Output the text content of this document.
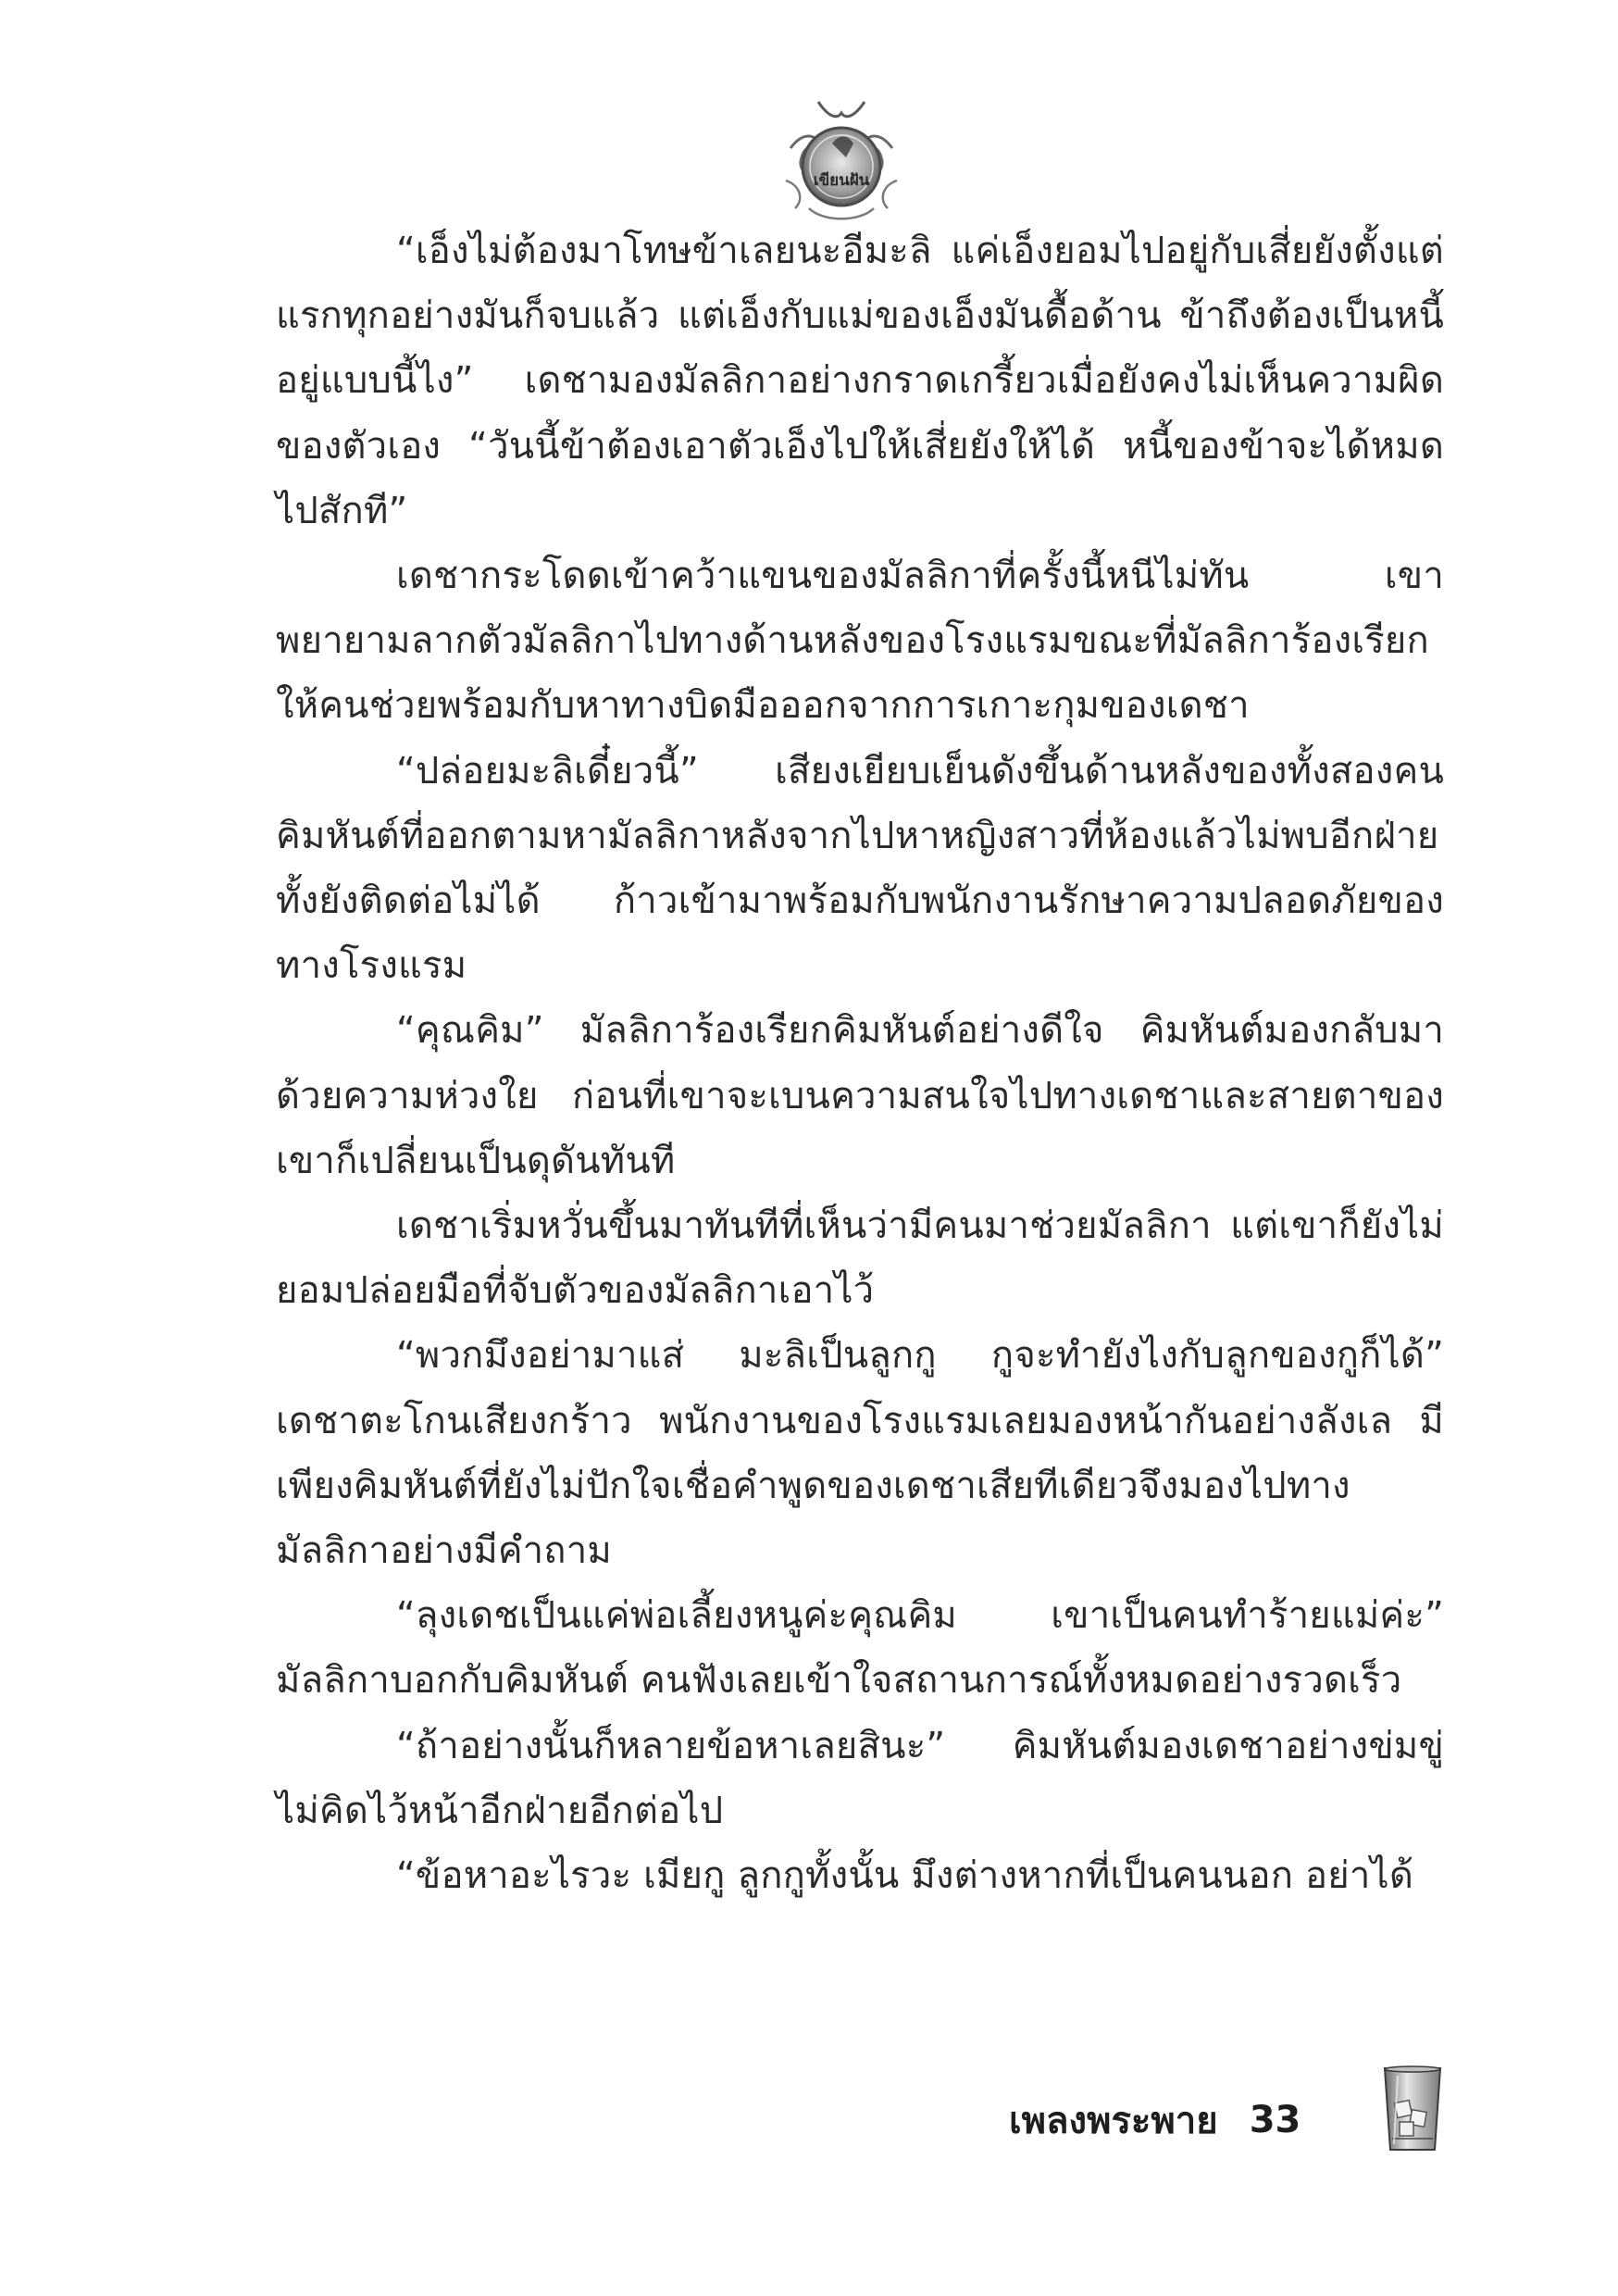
เขียนฝัน

“เอ็งไม่ต้องมาโทษข้าเลยนะอีมะลิ แค่เอ็งยอมไปอยู่กับเสี่ยยังตั้งแต่แรกทุกอย่างมันก็จบแล้ว แต่เอ็งกับแม่ของเอ็งมันดื้อด้าน ข้าถึงต้องเป็นหนี้อยู่แบบนี้ไง” เดชามองมัลลิกาอย่างกราดเกรี้ยวเมื่อยังคงไม่เห็นความผิดของตัวเอง “วันนี้ข้าต้องเอาตัวเอ็งไปให้เสี่ยยังให้ได้ หนี้ของข้าจะได้หมดไปสักที”

เดชากระโดดเข้าคว้าแขนของมัลลิกาที่ครั้งนี้หนีไม่ทัน เขาพยายามลากตัวมัลลิกาไปทางด้านหลังของโรงแรมขณะที่มัลลิการ้องเรียกให้คนช่วยพร้อมกับหาทางบิดมือออกจากการเกาะกุมของเดชา

“ปล่อยมะลิเดี๋ยวนี้” เสียงเยียบเย็นดังขึ้นด้านหลังของทั้งสองคน คิมหันต์ที่ออกตามหามัลลิกาหลังจากไปหาหญิงสาวที่ห้องแล้วไม่พบอีกฝ่ายทั้งยังติดต่อไม่ได้ ก้าวเข้ามาพร้อมกับพนักงานรักษาความปลอดภัยของทางโรงแรม

“คุณคิม” มัลลิการ้องเรียกคิมหันต์อย่างดีใจ คิมหันต์มองกลับมาด้วยความห่วงใย ก่อนที่เขาจะเบนความสนใจไปทางเดชาและสายตาของเขาก็เปลี่ยนเป็นดุดันทันที

เดชาเริ่มหวั่นขึ้นมาทันทีที่เห็นว่ามีคนมาช่วยมัลลิกา แต่เขาก็ยังไม่ยอมปล่อยมือที่จับตัวของมัลลิกาเอาไว้

“พวกมึงอย่ามาแส่ มะลิเป็นลูกกู กูจะทำยังไงกับลูกของกูก็ได้” เดชาตะโกนเสียงกร้าว พนักงานของโรงแรมเลยมองหน้ากันอย่างลังเล มีเพียงคิมหันต์ที่ยังไม่ปักใจเชื่อคำพูดของเดชาเสียทีเดียวจึงมองไปทางมัลลิกาอย่างมีคำถาม

“ลุงเดชเป็นแค่พ่อเลี้ยงหนูค่ะคุณคิม เขาเป็นคนทำร้ายแม่ค่ะ” มัลลิกาบอกกับคิมหันต์ คนฟังเลยเข้าใจสถานการณ์ทั้งหมดอย่างรวดเร็ว

“ถ้าอย่างนั้นก็หลายข้อหาเลยสินะ” คิมหันต์มองเดชาอย่างข่มขู่ ไม่คิดไว้หน้าอีกฝ่ายอีกต่อไป

“ข้อหาอะไรวะ เมียกู ลูกกูทั้งนั้น มึงต่างหากที่เป็นคนนอก อย่าได้

เพลงพระพาย 33
